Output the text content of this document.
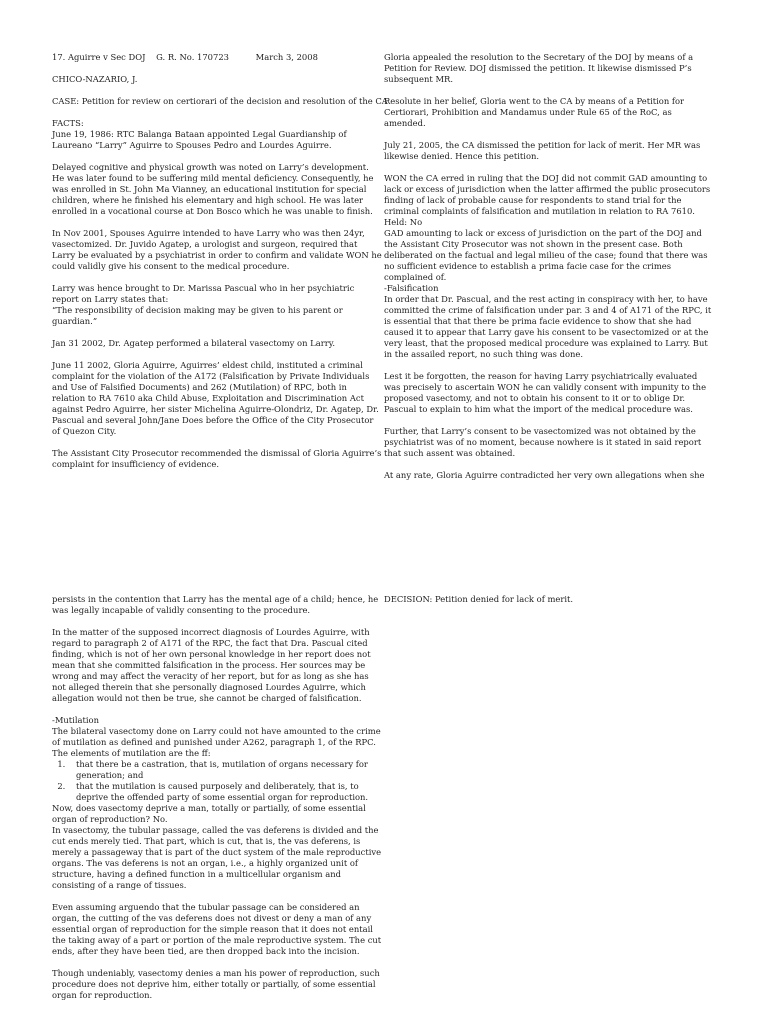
17. Aguirre v Sec DOJ G. R. No. 170723	March 3, 2008

CHICO-NAZARIO, J.

CASE: Petition for review on certiorari of the decision and resolution of the CA

FACTS:

June 19, 1986: RTC Balanga Bataan appointed Legal Guardianship of Laureano “Larry” Aguirre to Spouses Pedro and Lourdes Aguirre.

Delayed cognitive and physical growth was noted on Larry’s development. He was later found to be suffering mild mental deficiency. Consequently, he was enrolled in St. John Ma Vianney, an educational institution for special children, where he finished his elementary and high school. He was later enrolled in a vocational course at Don Bosco which he was unable to finish.

In Nov 2001, Spouses Aguirre intended to have Larry who was then 24yr, vasectomized. Dr. Juvido Agatep, a urologist and surgeon, required that Larry be evaluated by a psychiatrist in order to confirm and validate WON he could validly give his consent to the medical procedure.

Larry was hence brought to Dr. Marissa Pascual who in her psychiatric report on Larry states that:

“The responsibility of decision making may be given to his parent or guardian.”

Jan 31 2002, Dr. Agatep performed a bilateral vasectomy on Larry.

June 11 2002, Gloria Aguirre, Aguirres’ eldest child, instituted a criminal complaint for the violation of the A172 (Falsification by Private Individuals and Use of Falsified Documents) and 262 (Mutilation) of RPC, both in relation to RA 7610 aka Child Abuse, Exploitation and Discrimination Act against Pedro Aguirre, her sister Michelina Aguirre-Olondriz, Dr. Agatep, Dr. Pascual and several John/Jane Does before the Office of the City Prosecutor of Quezon City.

The Assistant City Prosecutor recommended the dismissal of Gloria Aguirre’s complaint for insufficiency of evidence.

Gloria appealed the resolution to the Secretary of the DOJ by means of a Petition for Review. DOJ dismissed the petition. It likewise dismissed P’s subsequent MR.

Resolute in her belief, Gloria went to the CA by means of a Petition for

Certiorari, Prohibition and Mandamus under Rule 65 of the RoC, as amended.

July 21, 2005, the CA dismissed the petition for lack of merit. Her MR was likewise denied. Hence this petition.

WON the CA erred in ruling that the DOJ did not commit GAD amounting to lack or excess of jurisdiction when the latter affirmed the public prosecutors finding of lack of probable cause for respondents to stand trial for the criminal complaints of falsification and mutilation in relation to RA 7610.

Held: No

GAD amounting to lack or excess of jurisdiction on the part of the DOJ and the Assistant City Prosecutor was not shown in the present case. Both deliberated on the factual and legal milieu of the case; found that there was no sufficient evidence to establish a prima facie case for the crimes complained of.

-Falsification

In order that Dr. Pascual, and the rest acting in conspiracy with her, to have committed the crime of falsification under par. 3 and 4 of A171 of the RPC, it is essential that that there be prima facie evidence to show that she had caused it to appear that Larry gave his consent to be vasectomized or at the very least, that the proposed medical procedure was explained to Larry. But in the assailed report, no such thing was done.

Lest it be forgotten, the reason for having Larry psychiatrically evaluated was precisely to ascertain WON he can validly consent with impunity to the proposed vasectomy, and not to obtain his consent to it or to oblige Dr. Pascual to explain to him what the import of the medical procedure was.

Further, that Larry’s consent to be vasectomized was not obtained by the psychiatrist was of no moment, because nowhere is it stated in said report that such assent was obtained.

At any rate, Gloria Aguirre contradicted her very own allegations when she

persists in the contention that Larry has the mental age of a child; hence, he was legally incapable of validly consenting to the procedure.

In the matter of the supposed incorrect diagnosis of Lourdes Aguirre, with regard to paragraph 2 of A171 of the RPC, the fact that Dra. Pascual cited finding, which is not of her own personal knowledge in her report does not mean that she committed falsification in the process. Her sources may be wrong and may affect the veracity of her report, but for as long as she has not alleged therein that she personally diagnosed Lourdes Aguirre, which allegation would not then be true, she cannot be charged of falsification.

-Mutilation

The bilateral vasectomy done on Larry could not have amounted to the crime of mutilation as defined and punished under A262, paragraph 1, of the RPC.

The elements of mutilation are the ff:

1. that there be a castration, that is, mutilation of organs necessary for generation; and
2. that the mutilation is caused purposely and deliberately, that is, to deprive the offended party of some essential organ for reproduction.

Now, does vasectomy deprive a man, totally or partially, of some essential organ of reproduction? No.

In vasectomy, the tubular passage, called the vas deferens is divided and the cut ends merely tied. That part, which is cut, that is, the vas deferens, is merely a passageway that is part of the duct system of the male reproductive organs. The vas deferens is not an organ, i.e., a highly organized unit of structure, having a defined function in a multicellular organism and consisting of a range of tissues.

Even assuming arguendo that the tubular passage can be considered an organ, the cutting of the vas deferens does not divest or deny a man of any essential organ of reproduction for the simple reason that it does not entail the taking away of a part or portion of the male reproductive system. The cut ends, after they have been tied, are then dropped back into the incision.

Though undeniably, vasectomy denies a man his power of reproduction, such procedure does not deprive him, either totally or partially, of some essential organ for reproduction.

DECISION: Petition denied for lack of merit.
